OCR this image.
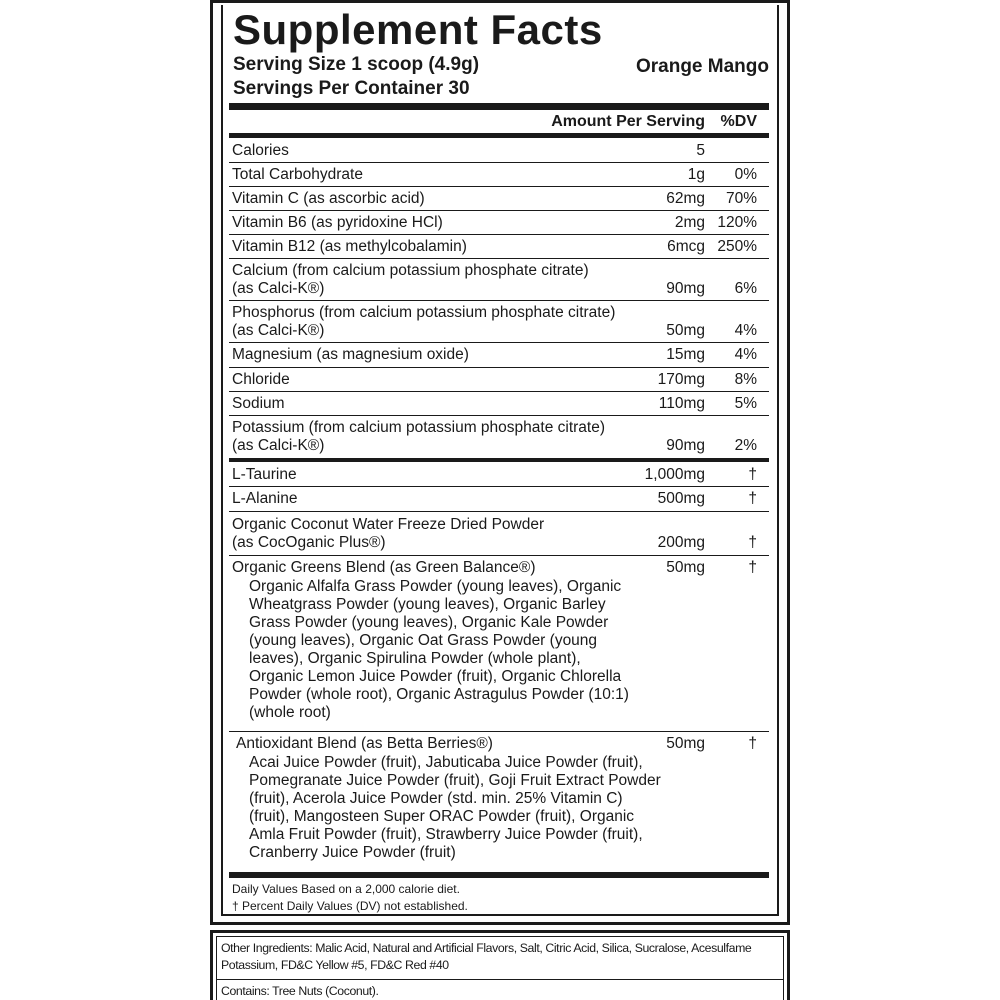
Supplement Facts
Serving Size 1 scoop (4.9g)
Servings Per Container 30
Orange Mango
Amount Per Serving %DV
Calories	5
Total Carbohydrate	1g 0%
Vitamin C (as ascorbic acid)	62mg 70%
Vitamin B6 (as pyridoxine HCl)	2mg 120%
Vitamin B12 (as methylcobalamin)	6mcg 250%
Calcium (from calcium potassium phosphate citrate)
(as Calci-K®)	90mg 6%
Phosphorus (from calcium potassium phosphate citrate)
(as Calci-K®)	50mg 4%
Magnesium (as magnesium oxide)	15mg 4%
Chloride	170mg 8%
Sodium	110mg 5%
Potassium (from calcium potassium phosphate citrate)
(as Calci-K®)	90mg 2%
L-Taurine	1,000mg	†
L-Alanine	500mg	†
Organic Coconut Water Freeze Dried Powder
(as CocOganic Plus®)	200mg	†
Organic Greens Blend (as Green Balance®)	50mg	†
Organic Alfalfa Grass Powder (young leaves), Organic
Wheatgrass Powder (young leaves), Organic Barley
Grass Powder (young leaves), Organic Kale Powder
(young leaves), Organic Oat Grass Powder (young
leaves), Organic Spirulina Powder (whole plant),
Organic Lemon Juice Powder (fruit), Organic Chlorella
Powder (whole root), Organic Astragulus Powder (10:1)
(whole root)
Antioxidant Blend (as Betta Berries®)	50mg	†
Acai Juice Powder (fruit), Jabuticaba Juice Powder (fruit),
Pomegranate Juice Powder (fruit), Goji Fruit Extract Powder
(fruit), Acerola Juice Powder (std. min. 25% Vitamin C)
(fruit), Mangosteen Super ORAC Powder (fruit), Organic
Amla Fruit Powder (fruit), Strawberry Juice Powder (fruit),
Cranberry Juice Powder (fruit)
Daily Values Based on a 2,000 calorie diet.
† Percent Daily Values (DV) not established.
Other Ingredients: Malic Acid, Natural and Artificial Flavors, Salt, Citric Acid, Silica, Sucralose, Acesulfame Potassium, FD&C Yellow #5, FD&C Red #40
Contains: Tree Nuts (Coconut).
